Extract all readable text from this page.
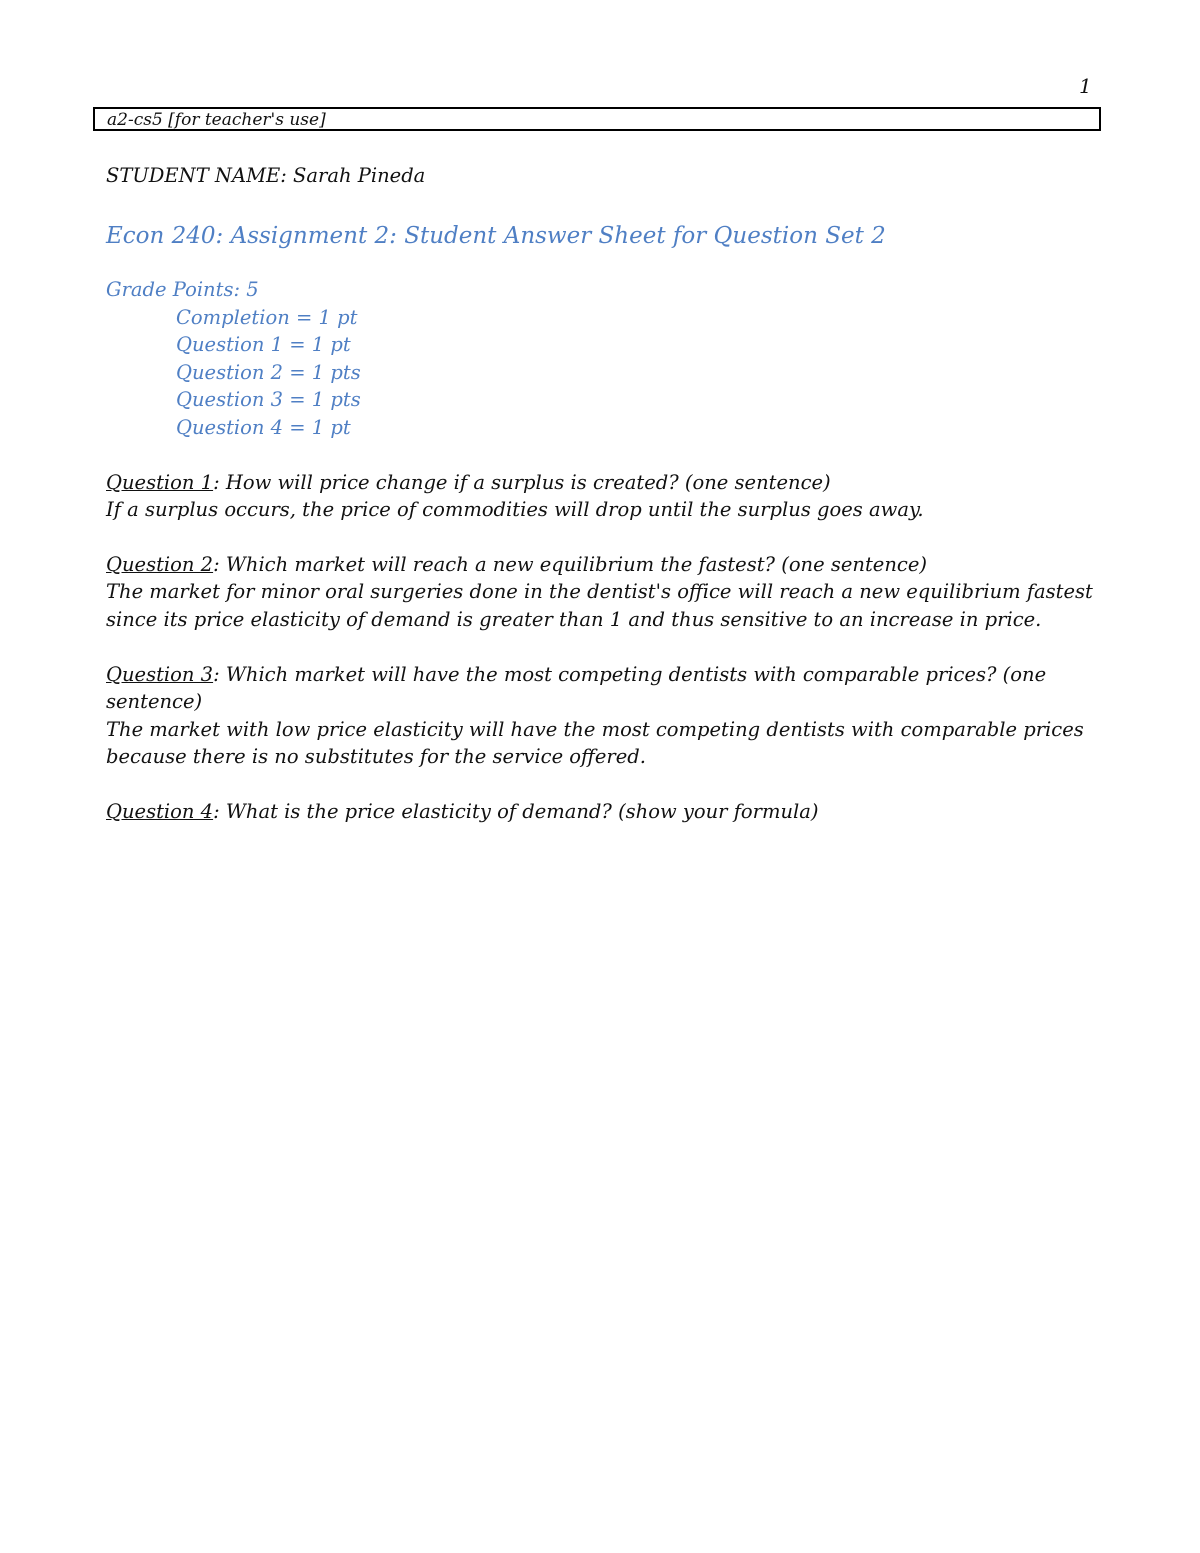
1
a2-cs5 [for teacher's use]

STUDENT NAME: Sarah Pineda

Econ 240: Assignment 2: Student Answer Sheet for Question Set 2
Grade Points: 5
Completion = 1 pt
Question 1 = 1 pt
Question 2 = 1 pts
Question 3 = 1 pts
Question 4 = 1 pt

Question 1: How will price change if a surplus is created? (one sentence)

If a surplus occurs, the price of commodities will drop until the surplus goes away.

Question 2: Which market will reach a new equilibrium the fastest? (one sentence)

The market for minor oral surgeries done in the dentist's office will reach a new equilibrium fastest since its price elasticity of demand is greater than 1 and thus sensitive to an increase in price.

Question 3: Which market will have the most competing dentists with comparable prices? (one sentence)

The market with low price elasticity will have the most competing dentists with comparable prices because there is no substitutes for the service offered.

Question 4: What is the price elasticity of demand? (show your formula)
